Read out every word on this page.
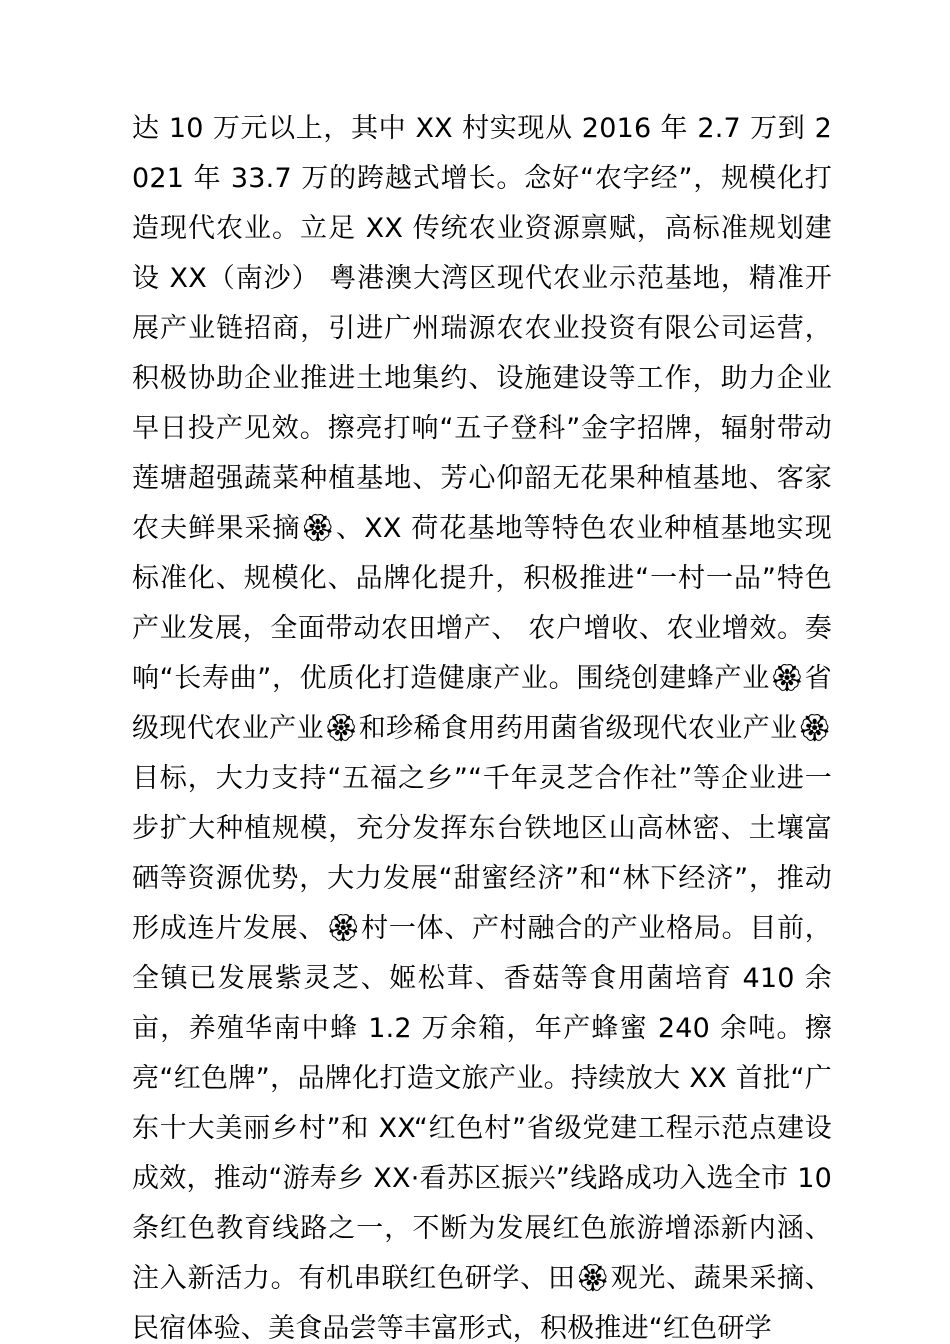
达 10 万元以上，其中 XX 村实现从 2016 年 2.7 万到 2021 年 33.7 万的跨越式增长。念好“农字经”，规模化打造现代农业。立足 XX 传统农业资源禀赋，高标准规划建设 XX（南沙） 粤港澳大湾区现代农业示范基地，精准开展产业链招商，引进广州瑞源农农业投资有限公司运营，积极协助企业推进土地集约、设施建设等工作，助力企业早日投产见效。擦亮打响“五子登科”金字招牌，辐射带动莲塘超强蔬菜种植基地、芳心仰韶无花果种植基地、客家农夫鲜果采摘🏵、XX 荷花基地等特色农业种植基地实现标准化、规模化、品牌化提升，积极推进“一村一品”特色产业发展，全面带动农田增产、 农户增收、农业增效。奏响“长寿曲”，优质化打造健康产业。围绕创建蜂产业🏵省级现代农业产业🏵和珍稀食用药用菌省级现代农业产业🏵目标，大力支持“五福之乡”“千年灵芝合作社”等企业进一步扩大种植规模，充分发挥东台铁地区山高林密、土壤富硒等资源优势，大力发展“甜蜜经济”和“林下经济”，推动形成连片发展、🏵村一体、产村融合的产业格局。目前，全镇已发展紫灵芝、姬松茸、香菇等食用菌培育 410 余亩，养殖华南中蜂 1.2 万余箱，年产蜂蜜 240 余吨。擦亮“红色牌”，品牌化打造文旅产业。持续放大 XX 首批“广东十大美丽乡村”和 XX“红色村”省级党建工程示范点建设成效，推动“游寿乡 XX·看苏区振兴”线路成功入选全市 10 条红色教育线路之一，不断为发展红色旅游增添新内涵、注入新活力。有机串联红色研学、田🏵观光、蔬果采摘、民宿体验、美食品尝等丰富形式，积极推进“红色研学
